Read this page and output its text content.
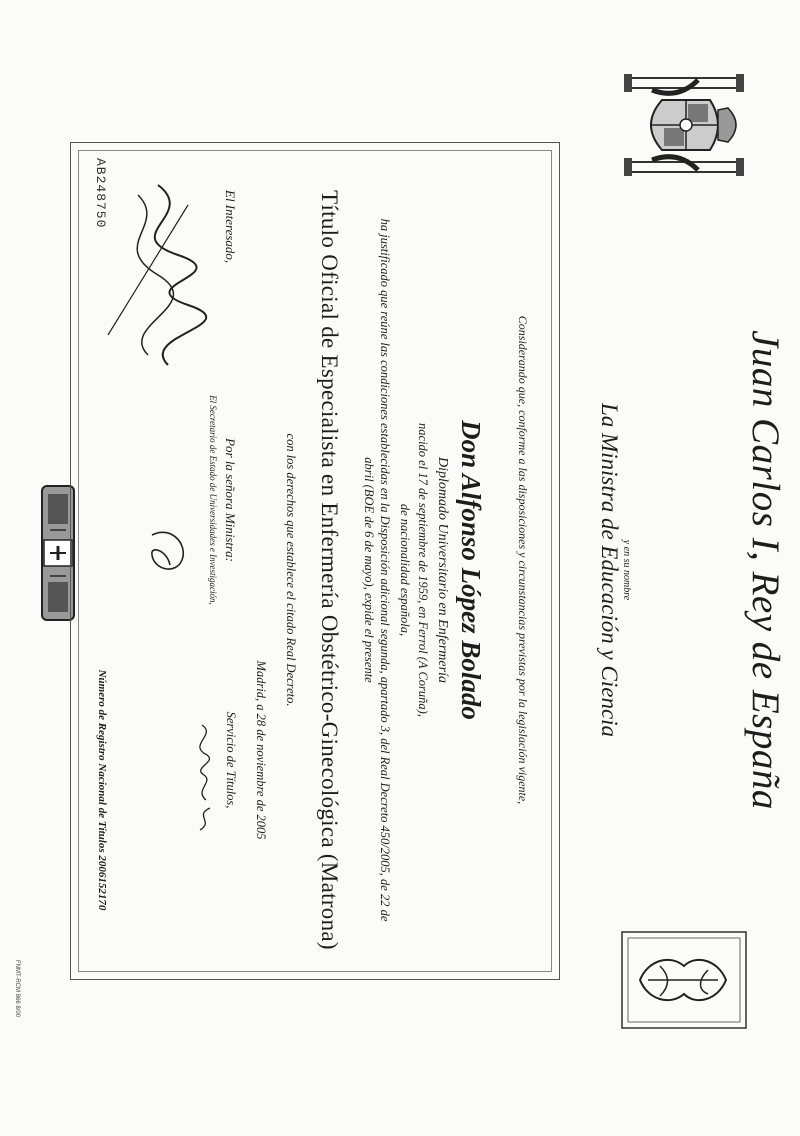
Juan Carlos I, Rey de España
y en su nombre
La Ministra de Educación y Ciencia
Considerando que, conforme a las disposiciones y circunstancias previstas por la legislación vigente,
Don Alfonso López Bolado
Diplomado Universitario en Enfermería
nacido el 17 de septiembre de 1959, en Ferrol (A Coruña),
de nacionalidad española,
ha justificado que reúne las condiciones establecidas en la Disposición adicional segunda, apartado 3, del Real Decreto 450/2005, de 22 de
abril (BOE de 6 de mayo), expide el presente
Título Oficial de Especialista en Enfermería Obstétrico-Ginecológica (Matrona)
con los derechos que establece el citado Real Decreto.
Madrid, a 28 de noviembre de 2005
Servicio de Títulos,
Por la señora Ministra:
El Secretario de Estado de Universidades e Investigación,
El Interesado,
AB248750
Número de Registro Nacional de Títulos 2006152170
FNMT-RCM 866 8/00
